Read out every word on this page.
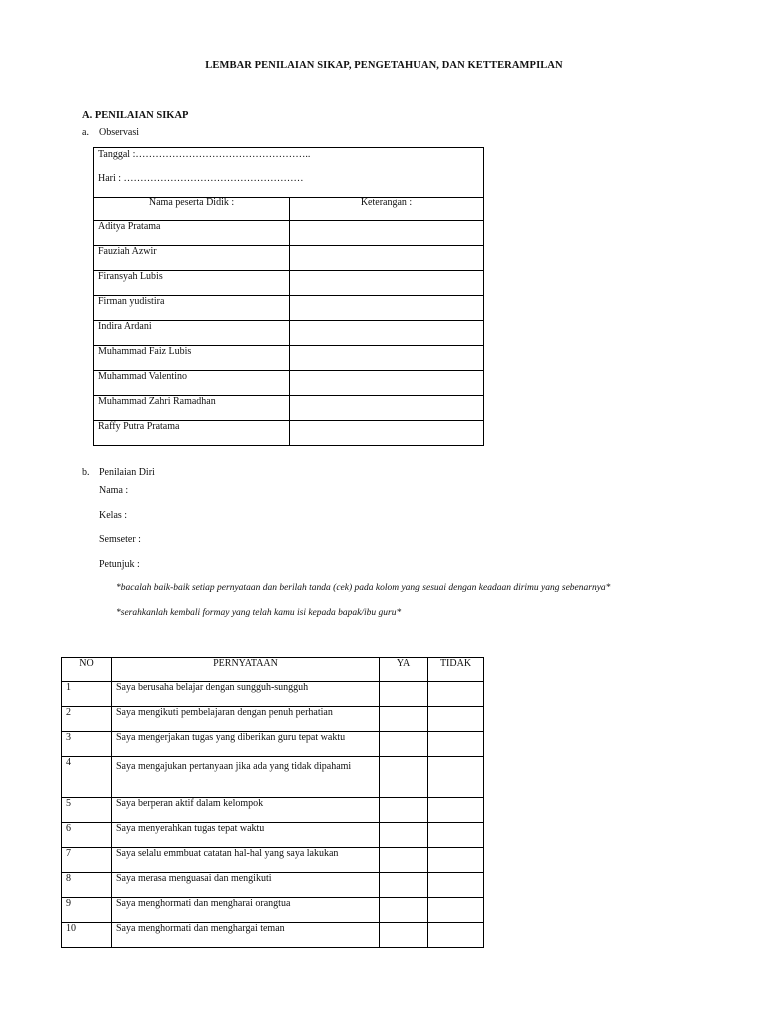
LEMBAR PENILAIAN SIKAP, PENGETAHUAN, DAN KETTERAMPILAN
A. PENILAIAN SIKAP
a. Observasi
Tanggal :……………………………………………..
Hari : ………………………………………………	

Nama peserta Didik :	Keterangan :
Aditya Pratama	
Fauziah Azwir	
Firansyah Lubis	
Firman yudistira	
Indira Ardani	
Muhammad Faiz Lubis	
Muhammad Valentino	
Muhammad Zahri Ramadhan	
Raffy Putra Pratama	
b. Penilaian Diri
Nama :
Kelas :
Semseter :
Petunjuk :
*bacalah baik-baik setiap pernyataan dan berilah tanda (cek) pada kolom yang sesuai dengan keadaan dirimu yang sebenarnya*
*serahkanlah kembali formay yang telah kamu isi kepada bapak/ibu guru*
NO	PERNYATAAN	YA	TIDAK
1	Saya berusaha belajar dengan sungguh-sungguh		
2	Saya mengikuti pembelajaran dengan penuh perhatian		
3	Saya mengerjakan tugas yang diberikan guru tepat waktu		
4	Saya mengajukan pertanyaan jika ada yang tidak dipahami		
5	Saya berperan aktif dalam kelompok		
6	Saya menyerahkan tugas tepat waktu		
7	Saya selalu emmbuat catatan hal-hal yang saya lakukan		
8	Saya merasa menguasai dan mengikuti		
9	Saya menghormati dan mengharai orangtua		
10	Saya menghormati dan menghargai teman		
